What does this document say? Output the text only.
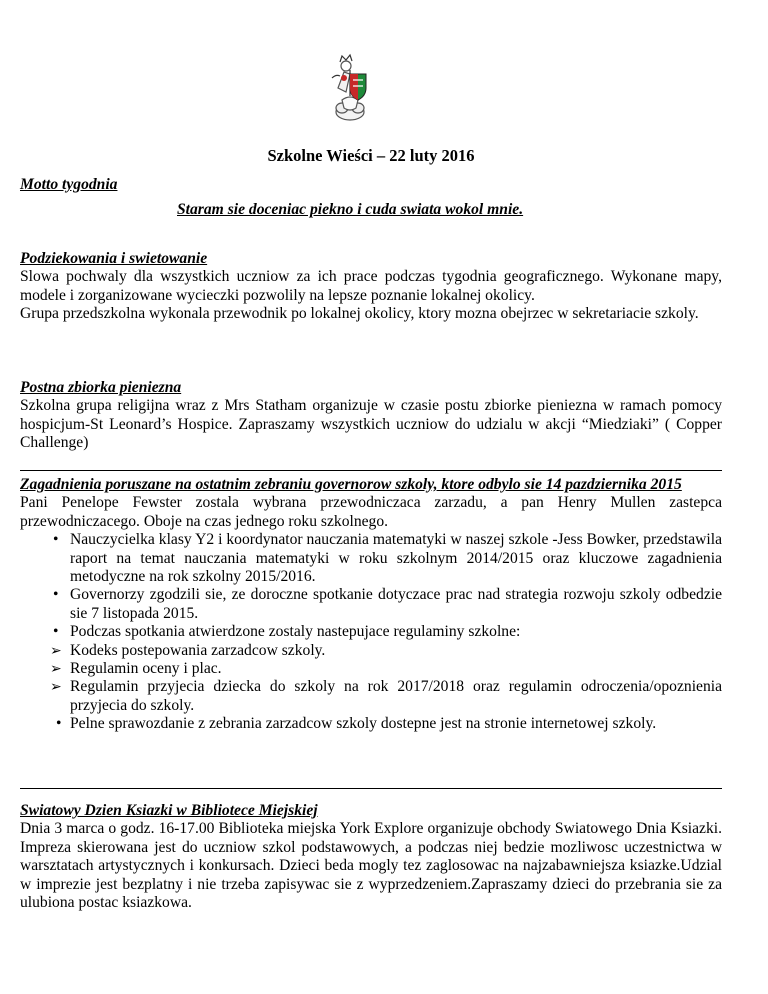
Szkolne Wieści – 22 luty 2016
Motto tygodnia
Staram sie doceniac piekno i cuda swiata wokol mnie.
Podziekowania i swietowanie
Slowa pochwaly dla wszystkich uczniow za ich prace podczas tygodnia geograficznego. Wykonane mapy, modele i zorganizowane wycieczki pozwolily na lepsze poznanie lokalnej okolicy.
Grupa przedszkolna wykonala przewodnik po lokalnej okolicy, ktory mozna obejrzec w sekretariacie szkoly.
Postna zbiorka pieniezna
Szkolna grupa religijna wraz z Mrs Statham organizuje w czasie postu zbiorke pieniezna w ramach pomocy hospicjum-St Leonard’s Hospice. Zapraszamy wszystkich uczniow do udzialu w akcji “Miedziaki” ( Copper Challenge)
Zagadnienia poruszane na ostatnim zebraniu governorow szkoly, ktore odbylo sie 14 pazdziernika 2015
Pani Penelope Fewster zostala wybrana przewodniczaca zarzadu, a pan Henry Mullen zastepca przewodniczacego. Oboje na czas jednego roku szkolnego.
• Nauczycielka klasy Y2 i koordynator nauczania matematyki w naszej szkole -Jess Bowker, przedstawila raport na temat nauczania matematyki w roku szkolnym 2014/2015 oraz kluczowe zagadnienia metodyczne na rok szkolny 2015/2016.
• Governorzy zgodzili sie, ze doroczne spotkanie dotyczace prac nad strategia rozwoju szkoly odbedzie sie 7 listopada 2015.
• Podczas spotkania atwierdzone zostaly nastepujace regulaminy szkolne:
➢ Kodeks postepowania zarzadcow szkoly.
➢ Regulamin oceny i plac.
➢ Regulamin przyjecia dziecka do szkoly na rok 2017/2018 oraz regulamin odroczenia/opoznienia przyjecia do szkoly.
• Pelne sprawozdanie z zebrania zarzadcow szkoly dostepne jest na stronie internetowej szkoly.
Swiatowy Dzien Ksiazki w Bibliotece Miejskiej
Dnia 3 marca o godz. 16-17.00 Biblioteka miejska York Explore organizuje obchody Swiatowego Dnia Ksiazki. Impreza skierowana jest do uczniow szkol podstawowych, a podczas niej bedzie mozliwosc uczestnictwa w warsztatach artystycznych i konkursach. Dzieci beda mogly tez zaglosowac na najzabawniejsza ksiazke.Udzial w imprezie jest bezplatny i nie trzeba zapisywac sie z wyprzedzeniem.Zapraszamy dzieci do przebrania sie za ulubiona postac ksiazkowa.
